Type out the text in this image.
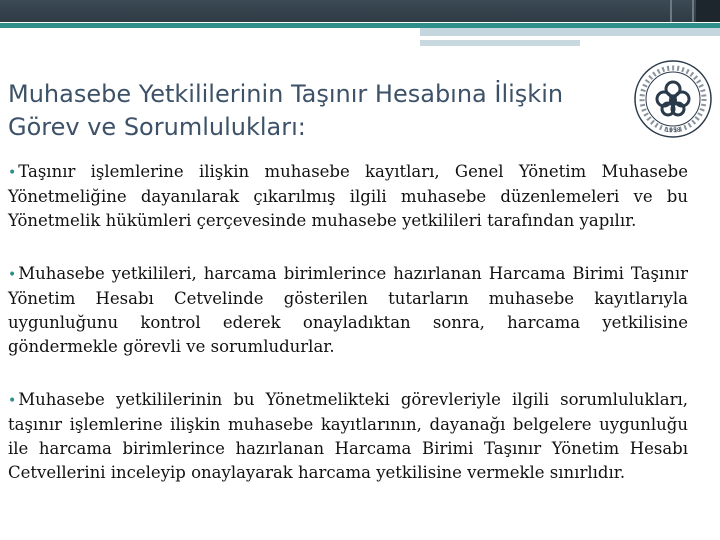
Muhasebe Yetkililerinin Taşınır Hesabına İlişkin
Görev ve Sorumlulukları:	1958

• Taşınır işlemlerine ilişkin muhasebe kayıtları, Genel Yönetim Muhasebe Yönetmeliğine dayanılarak çıkarılmış ilgili muhasebe düzenlemeleri ve bu Yönetmelik hükümleri çerçevesinde muhasebe yetkilileri tarafından yapılır.

• Muhasebe yetkilileri, harcama birimlerince hazırlanan Harcama Birimi Taşınır Yönetim Hesabı Cetvelinde gösterilen tutarların muhasebe kayıtlarıyla uygunluğunu kontrol ederek onayladıktan sonra, harcama yetkilisine göndermekle görevli ve sorumludurlar.

• Muhasebe yetkililerinin bu Yönetmelikteki görevleriyle ilgili sorumlulukları, taşınır işlemlerine ilişkin muhasebe kayıtlarının, dayanağı belgelere uygunluğu ile harcama birimlerince hazırlanan Harcama Birimi Taşınır Yönetim Hesabı Cetvellerini inceleyip onaylayarak harcama yetkilisine vermekle sınırlıdır.
